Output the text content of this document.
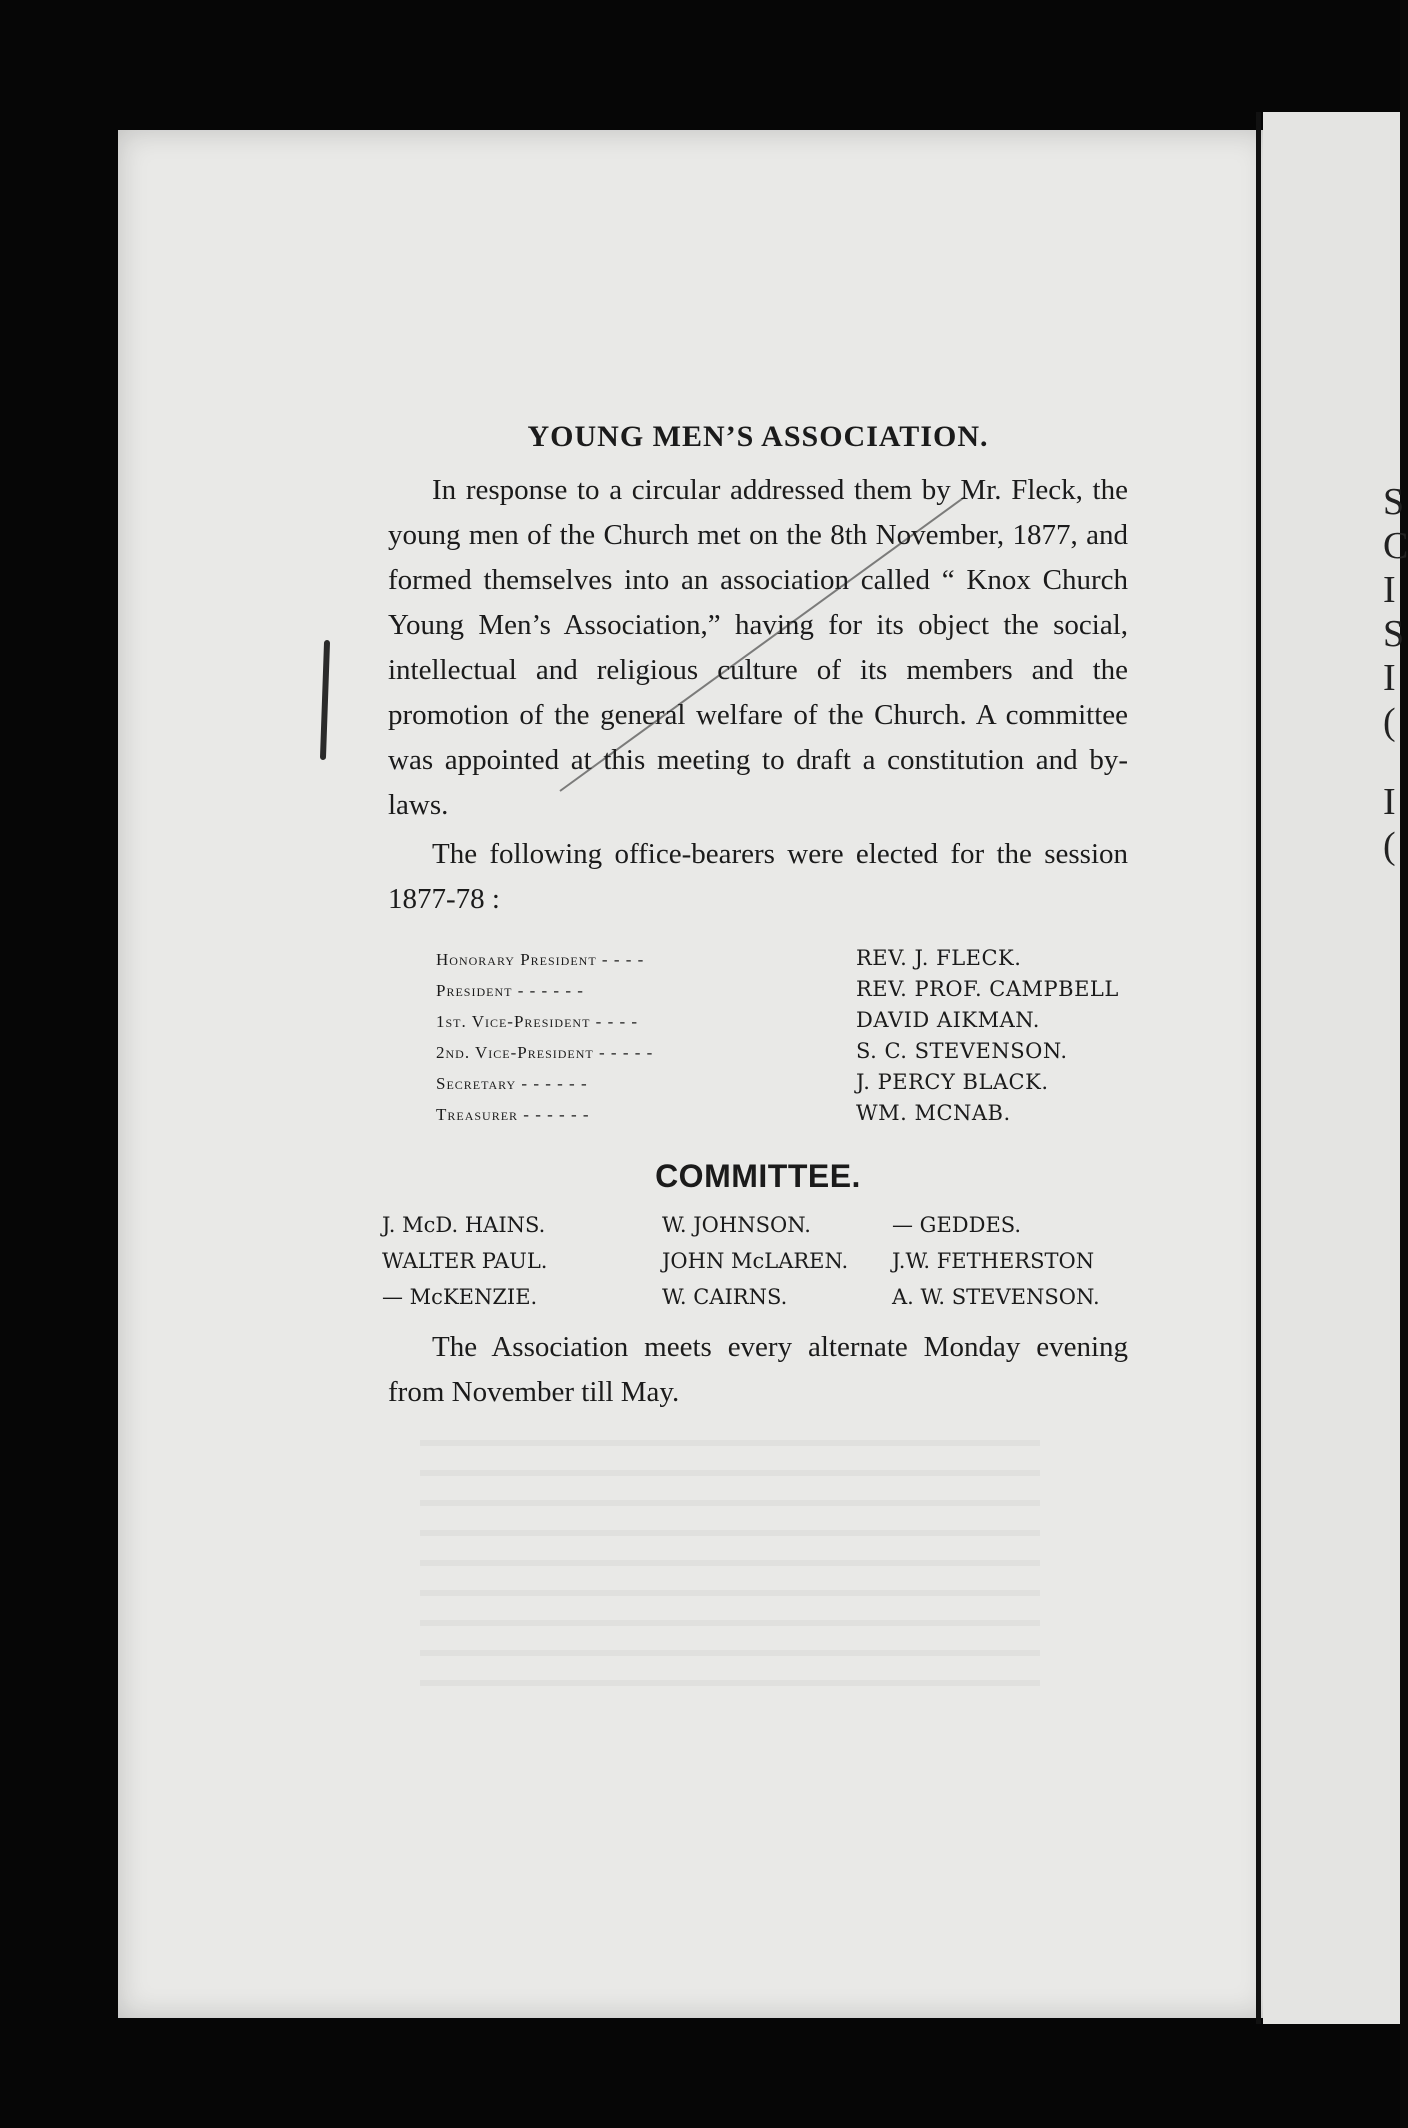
S
C
I
S
I
(
I
(
YOUNG MEN’S ASSOCIATION.

In response to a circular addressed them by Mr. Fleck, the young men of the Church met on the 8th November, 1877, and formed themselves into an association called “ Knox Church Young Men’s Association,” having for its object the social, intellectual and religious culture of its members and the promotion of the general welfare of the Church. A committee was appointed at this meeting to draft a constitution and by-laws.

The following office-bearers were elected for the session 1877-78 :

Honorary President - - - -	REV. J. FLECK.
President - - - - - -	REV. PROF. CAMPBELL
1st. Vice-President - - - -	DAVID AIKMAN.
2nd. Vice-President - - - - -	S. C. STEVENSON.
Secretary - - - - - -	J. PERCY BLACK.
Treasurer - - - - - -	WM. MCNAB.
COMMITTEE.
J. McD. HAINS.	W. JOHNSON.	— GEDDES.
WALTER PAUL.	JOHN McLAREN.	J.W. FETHERSTON
— McKENZIE.	W. CAIRNS.	A. W. STEVENSON.

The Association meets every alternate Monday evening from November till May.
